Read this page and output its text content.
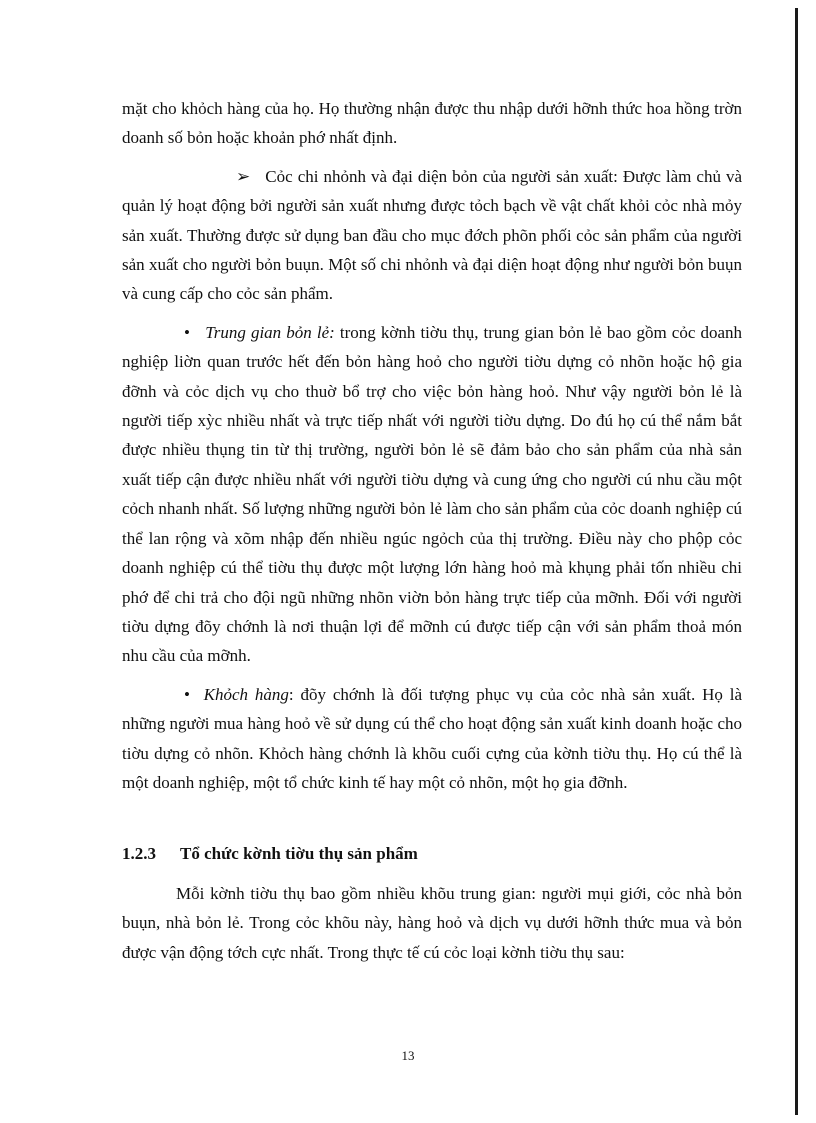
mặt cho khỏch hàng của họ. Họ thường nhận được thu nhập dưới hỡnh thức hoa hồng trờn doanh số bỏn hoặc khoản phớ nhất định.

➢ Cỏc chi nhỏnh và đại diện bỏn của người sản xuất: Được làm chủ và quản lý hoạt động bởi người sản xuất nhưng được tỏch bạch về vật chất khỏi cỏc nhà mỏy sản xuất. Thường được sử dụng ban đầu cho mục đớch phõn phối cỏc sản phẩm của người sản xuất cho người bỏn buụn. Một số chi nhỏnh và đại diện hoạt động như người bỏn buụn và cung cấp cho cỏc sản phẩm.

• Trung gian bỏn lẻ: trong kờnh tiờu thụ, trung gian bỏn lẻ bao gồm cỏc doanh nghiệp liờn quan trước hết đến bỏn hàng hoỏ cho người tiờu dựng cỏ nhõn hoặc hộ gia đỡnh và cỏc dịch vụ cho thuờ bổ trợ cho việc bỏn hàng hoỏ. Như vậy người bỏn lẻ là người tiếp xỳc nhiều nhất và trực tiếp nhất với người tiờu dựng. Do đú họ cú thể nắm bắt được nhiều thụng tin từ thị trường, người bỏn lẻ sẽ đảm bảo cho sản phẩm của nhà sản xuất tiếp cận được nhiều nhất với người tiờu dựng và cung ứng cho người cú nhu cầu một cỏch nhanh nhất. Số lượng những người bỏn lẻ làm cho sản phẩm của cỏc doanh nghiệp cú thể lan rộng và xõm nhập đến nhiều ngúc ngỏch của thị trường. Điều này cho phộp cỏc doanh nghiệp cú thể tiờu thụ được một lượng lớn hàng hoỏ mà khụng phải tốn nhiều chi phớ để chi trả cho đội ngũ những nhõn viờn bỏn hàng trực tiếp của mỡnh. Đối với người tiờu dựng đõy chớnh là nơi thuận lợi để mỡnh cú được tiếp cận với sản phẩm thoả món nhu cầu của mỡnh.

• Khỏch hàng: đõy chớnh là đối tượng phục vụ của cỏc nhà sản xuất. Họ là những người mua hàng hoỏ về sử dụng cú thể cho hoạt động sản xuất kinh doanh hoặc cho tiờu dựng cỏ nhõn. Khỏch hàng chớnh là khõu cuối cựng của kờnh tiờu thụ. Họ cú thể là một doanh nghiệp, một tổ chức kinh tế hay một cỏ nhõn, một họ gia đỡnh.

1.2.3 Tổ chức kờnh tiờu thụ sản phẩm

Mỗi kờnh tiờu thụ bao gồm nhiều khõu trung gian: người mụi giới, cỏc nhà bỏn buụn, nhà bỏn lẻ. Trong cỏc khõu này, hàng hoỏ và dịch vụ dưới hỡnh thức mua và bỏn được vận động tớch cực nhất. Trong thực tế cú cỏc loại kờnh tiờu thụ sau:

13
